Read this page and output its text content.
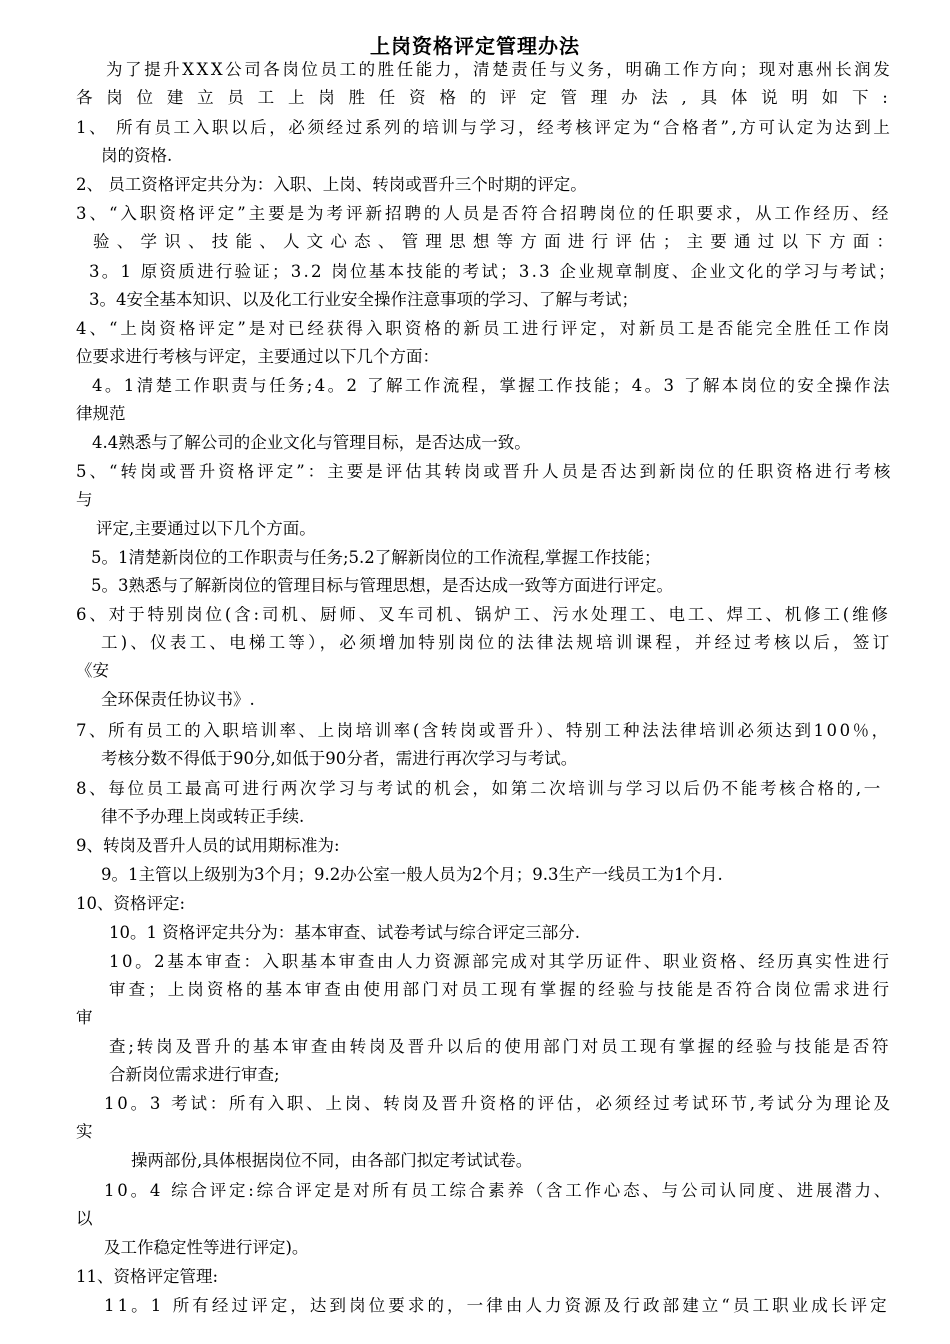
上岗资格评定管理办法
为了提升XXX公司各岗位员工的胜任能力，清楚责任与义务，明确工作方向；现对惠州长润发
各岗位建立员工上岗胜任资格的评定管理办法,具体说明如下:
1、 所有员工入职以后，必须经过系列的培训与学习，经考核评定为“合格者”,方可认定为达到上
岗的资格.
2、 员工资格评定共分为：入职、上岗、转岗或晋升三个时期的评定。
3、“入职资格评定”主要是为考评新招聘的人员是否符合招聘岗位的任职要求，从工作经历、经
验、学识、技能、人文心态、管理思想等方面进行评估；主要通过以下方面：
3。1 原资质进行验证；3.2 岗位基本技能的考试；3.3 企业规章制度、企业文化的学习与考试；
3。4安全基本知识、以及化工行业安全操作注意事项的学习、了解与考试；
4、“上岗资格评定”是对已经获得入职资格的新员工进行评定，对新员工是否能完全胜任工作岗
位要求进行考核与评定，主要通过以下几个方面：
4。1清楚工作职责与任务;4。2 了解工作流程，掌握工作技能；4。3 了解本岗位的安全操作法
律规范
4.4熟悉与了解公司的企业文化与管理目标，是否达成一致。
5、“转岗或晋升资格评定”：主要是评估其转岗或晋升人员是否达到新岗位的任职资格进行考核
与
评定,主要通过以下几个方面。
5。1清楚新岗位的工作职责与任务;5.2了解新岗位的工作流程,掌握工作技能；
5。3熟悉与了解新岗位的管理目标与管理思想，是否达成一致等方面进行评定。
6、对于特别岗位(含:司机、厨师、叉车司机、锅炉工、污水处理工、电工、焊工、机修工(维修
工)、仪表工、电梯工等），必须增加特别岗位的法律法规培训课程，并经过考核以后，签订
《安
全环保责任协议书》.
7、所有员工的入职培训率、上岗培训率(含转岗或晋升）、特别工种法法律培训必须达到100％，
考核分数不得低于90分,如低于90分者，需进行再次学习与考试。
8、每位员工最高可进行两次学习与考试的机会，如第二次培训与学习以后仍不能考核合格的,一
律不予办理上岗或转正手续.
9、转岗及晋升人员的试用期标准为:
9。1主管以上级别为3个月；9.2办公室一般人员为2个月；9.3生产一线员工为1个月.
10、资格评定:
10。1 资格评定共分为：基本审查、试卷考试与综合评定三部分.
10。2基本审查：入职基本审查由人力资源部完成对其学历证件、职业资格、经历真实性进行
审查；上岗资格的基本审查由使用部门对员工现有掌握的经验与技能是否符合岗位需求进行
审
查;转岗及晋升的基本审查由转岗及晋升以后的使用部门对员工现有掌握的经验与技能是否符
合新岗位需求进行审查;
10。3 考试：所有入职、上岗、转岗及晋升资格的评估，必须经过考试环节,考试分为理论及
实
操两部份,具体根据岗位不同，由各部门拟定考试试卷。
10。4 综合评定:综合评定是对所有员工综合素养（含工作心态、与公司认同度、进展潜力、
以
及工作稳定性等进行评定)。
11、资格评定管理:
11。1 所有经过评定，达到岗位要求的，一律由人力资源及行政部建立“员工职业成长评定
